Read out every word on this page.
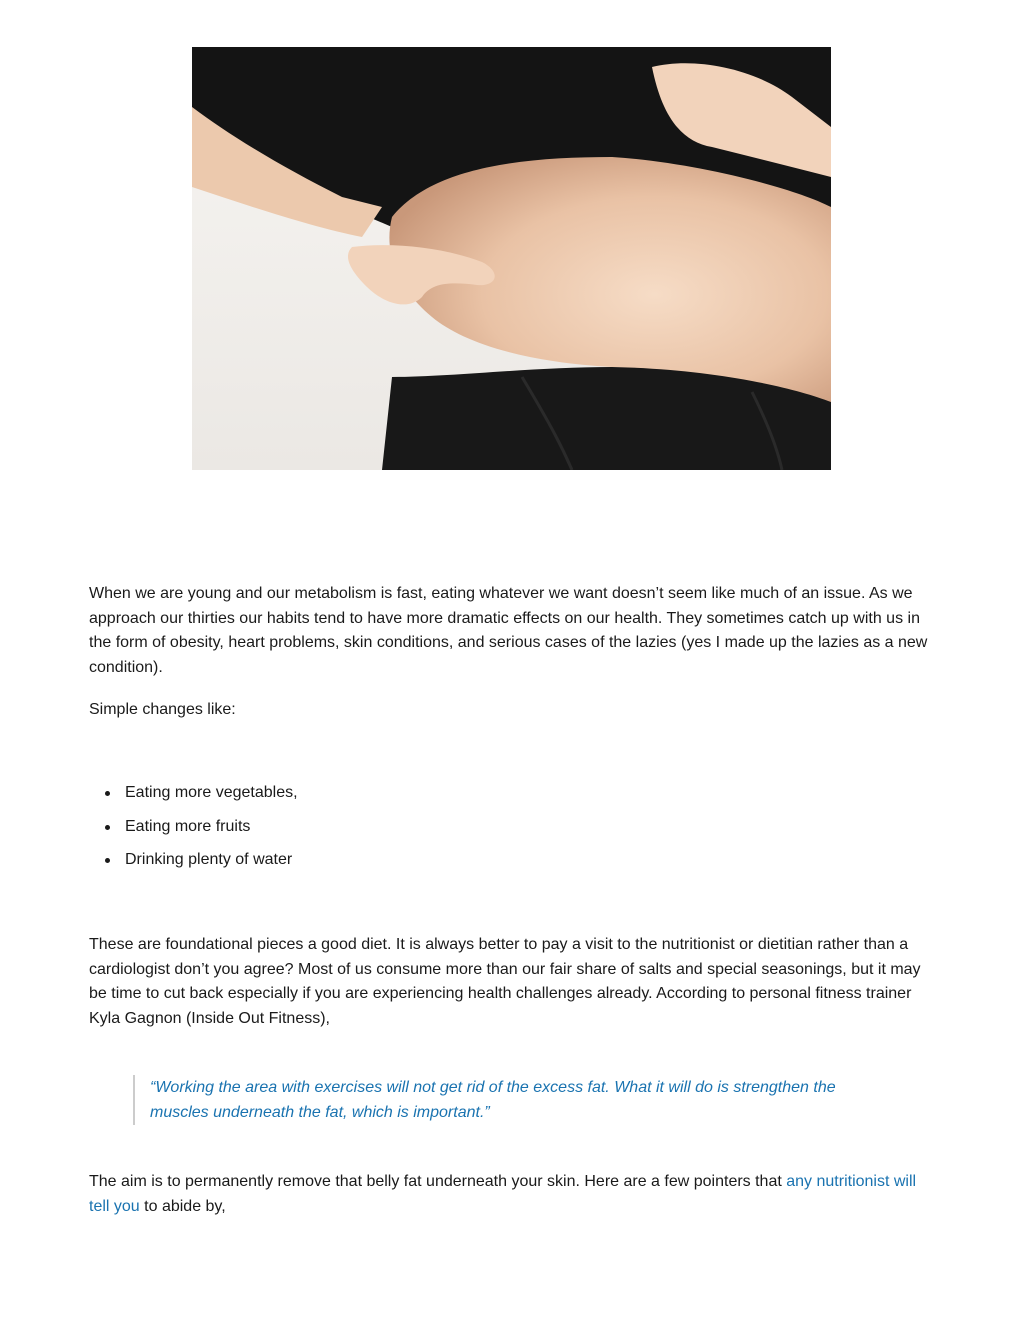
When we are young and our metabolism is fast, eating whatever we want doesn’t seem like much of an issue. As we approach our thirties our habits tend to have more dramatic effects on our health. They sometimes catch up with us in the form of obesity, heart problems, skin conditions, and serious cases of the lazies (yes I made up the lazies as a new condition).

Simple changes like:

Eating more vegetables,
Eating more fruits
Drinking plenty of water

These are foundational pieces a good diet. It is always better to pay a visit to the nutritionist or dietitian rather than a cardiologist don’t you agree? Most of us consume more than our fair share of salts and special seasonings, but it may be time to cut back especially if you are experiencing health challenges already. According to personal fitness trainer Kyla Gagnon (Inside Out Fitness),

“Working the area with exercises will not get rid of the excess fat. What it will do is strengthen the muscles underneath the fat, which is important.”

The aim is to permanently remove that belly fat underneath your skin. Here are a few pointers that any nutritionist will tell you to abide by,
